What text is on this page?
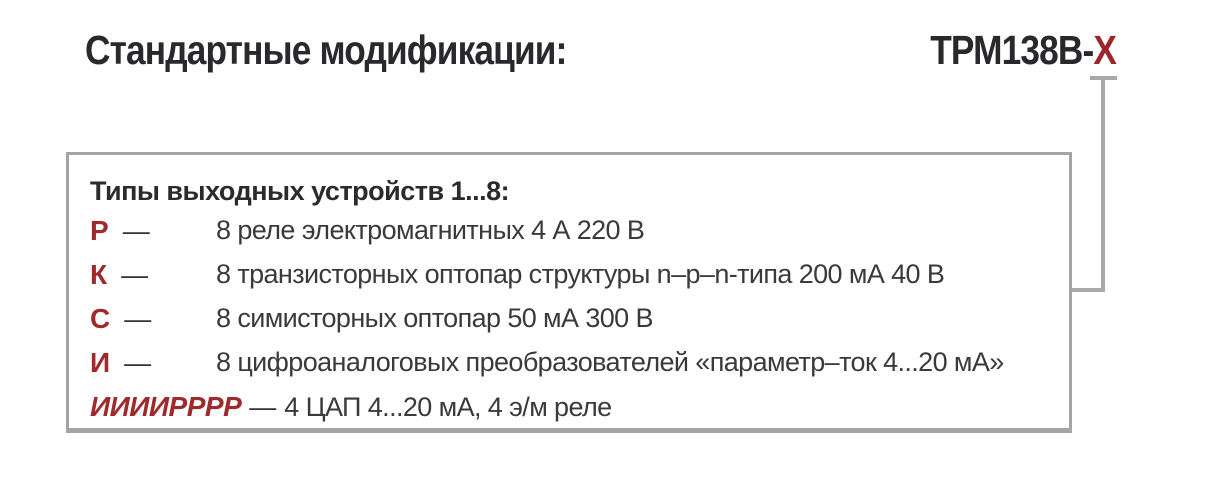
Стандартные модификации:	ТРМ138В-X
Типы выходных устройств 1...8:
Р —	8 реле электромагнитных 4 А 220 В
К —	8 транзисторных оптопар структуры n–p–n-типа 200 мА 40 В
С —	8 симисторных оптопар 50 мА 300 В
И —	8 цифроаналоговых преобразователей «параметр–ток 4...20 мА»
ИИИИРРРР — 4 ЦАП 4...20 мА, 4 э/м реле
